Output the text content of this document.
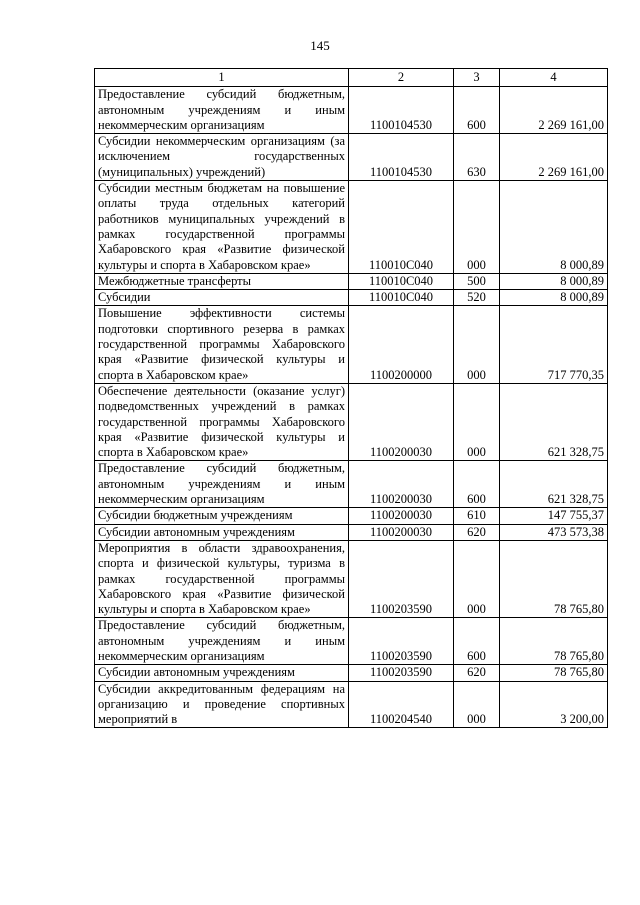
145
1	2	3	4
Предоставление субсидий бюджетным, автономным учреждениям и иным некоммерческим организациям	1100104530	600	2 269 161,00
Субсидии некоммерческим организациям (за исключением государственных (муниципальных) учреждений)	1100104530	630	2 269 161,00
Субсидии местным бюджетам на повышение оплаты труда отдельных категорий работников муниципальных учреждений в рамках государственной программы Хабаровского края «Развитие физической культуры и спорта в Хабаровском крае»	110010С040	000	8 000,89
Межбюджетные трансферты	110010С040	500	8 000,89
Субсидии	110010С040	520	8 000,89
Повышение эффективности системы подготовки спортивного резерва в рамках государственной программы Хабаровского края «Развитие физической культуры и спорта в Хабаровском крае»	1100200000	000	717 770,35
Обеспечение деятельности (оказание услуг) подведомственных учреждений в рамках государственной программы Хабаровского края «Развитие физической культуры и спорта в Хабаровском крае»	1100200030	000	621 328,75
Предоставление субсидий бюджетным, автономным учреждениям и иным некоммерческим организациям	1100200030	600	621 328,75
Субсидии бюджетным учреждениям	1100200030	610	147 755,37
Субсидии автономным учреждениям	1100200030	620	473 573,38
Мероприятия в области здравоохранения, спорта и физической культуры, туризма в рамках государственной программы Хабаровского края «Развитие физической культуры и спорта в Хабаровском крае»	1100203590	000	78 765,80
Предоставление субсидий бюджетным, автономным учреждениям и иным некоммерческим организациям	1100203590	600	78 765,80
Субсидии автономным учреждениям	1100203590	620	78 765,80
Субсидии аккредитованным федерациям на организацию и проведение спортивных мероприятий в	1100204540	000	3 200,00
